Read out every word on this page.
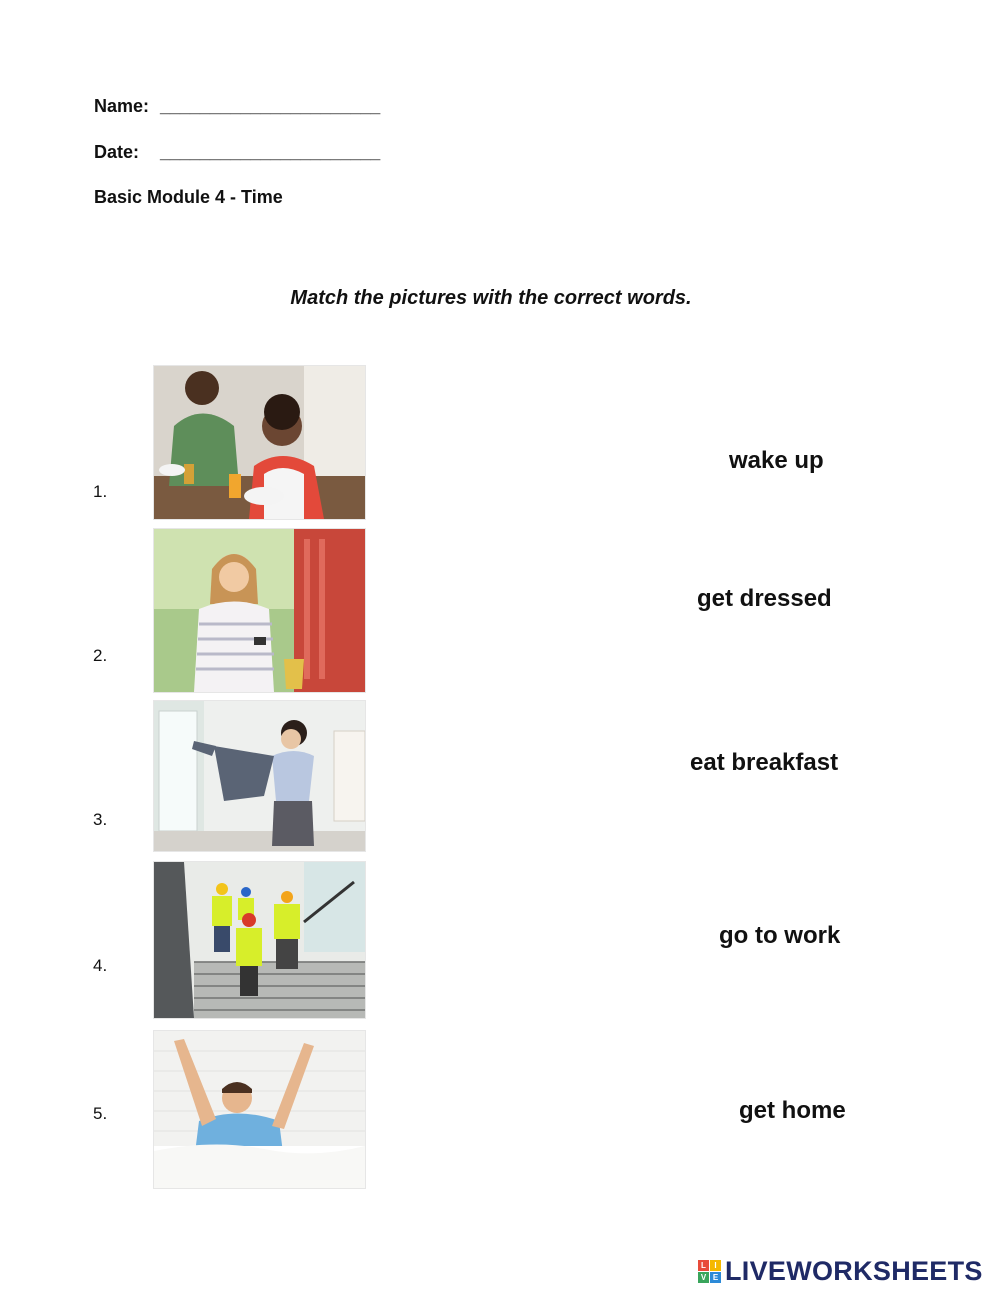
Name: ______________________
Date: ______________________
Basic Module 4 - Time
Match the pictures with the correct words.
1.
2.
3.
4.
5.
wake up
get dressed
eat breakfast
go to work
get home
L	I
V E LIVEWORKSHEETS
